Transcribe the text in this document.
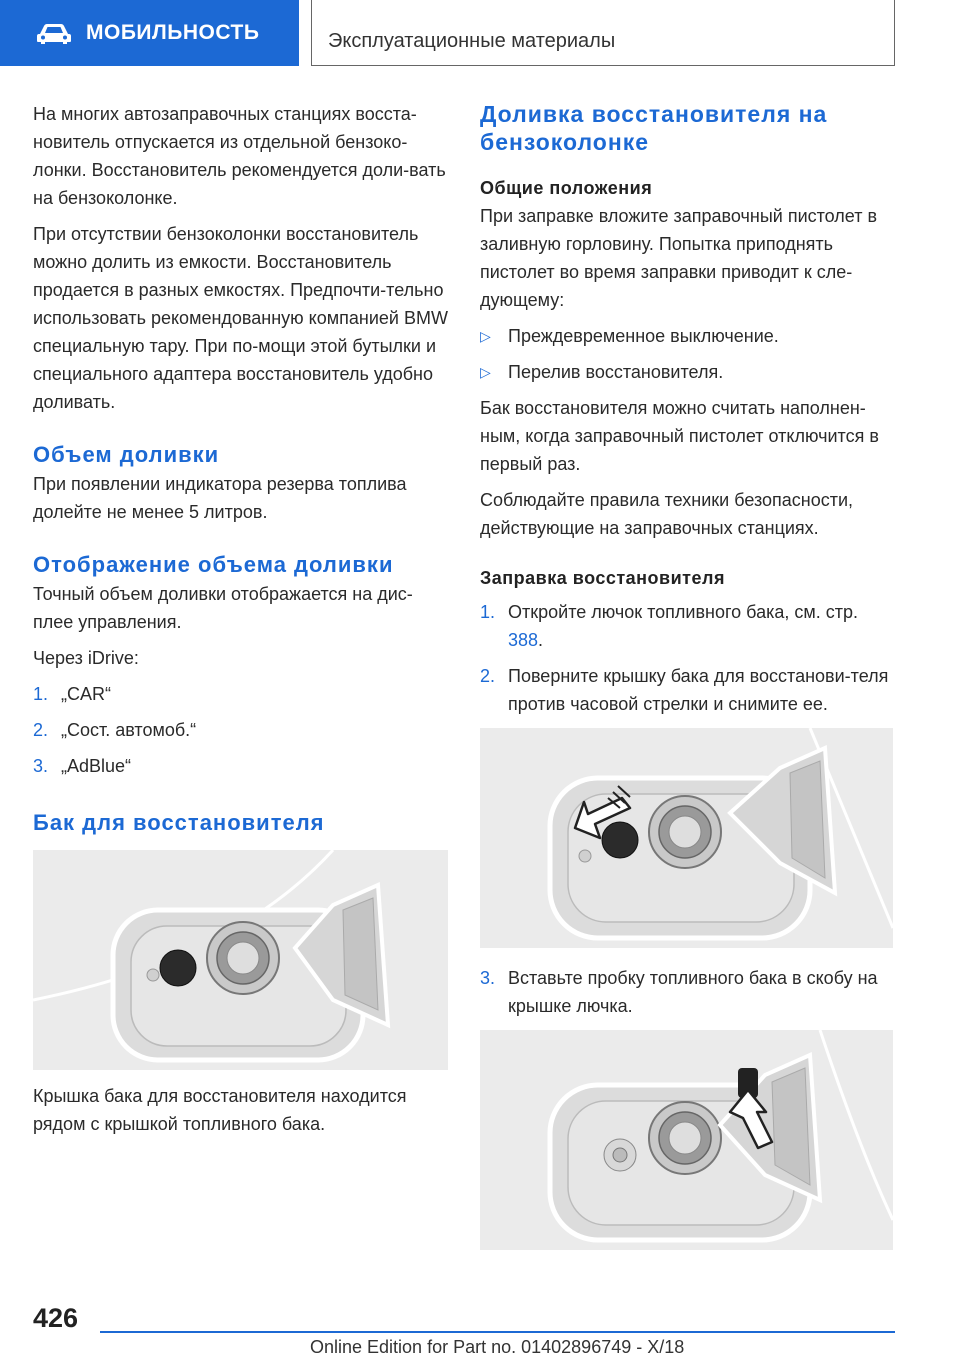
МОБИЛЬНОСТЬ	Эксплуатационные материалы

На многих автозаправочных станциях восста-новитель отпускается из отдельной бензоко-лонки. Восстановитель рекомендуется доли-вать на бензоколонке.

При отсутствии бензоколонки восстановитель можно долить из емкости. Восстановитель продается в разных емкостях. Предпочти-тельно использовать рекомендованную компанией BMW специальную тару. При по-мощи этой бутылки и специального адаптера восстановитель удобно доливать.

Объем доливки

При появлении индикатора резерва топлива долейте не менее 5 литров.

Отображение объема доливки

Точный объем доливки отображается на дис-плее управления.

Через iDrive:

1. „CAR“
2. „Сост. автомоб.“
3. „AdBlue“
Бак для восстановителя

Крышка бака для восстановителя находится рядом с крышкой топливного бака.

Доливка восстановителя на бензоколонке
Общие положения

При заправке вложите заправочный пистолет в заливную горловину. Попытка приподнять пистолет во время заправки приводит к сле-дующему:

▷ Преждевременное выключение.
▷ Перелив восстановителя.

Бак восстановителя можно считать наполнен-ным, когда заправочный пистолет отключится в первый раз.

Соблюдайте правила техники безопасности, действующие на заправочных станциях.

Заправка восстановителя
1. Откройте лючок топливного бака, см. стр. 388.
2. Поверните крышку бака для восстанови-теля против часовой стрелки и снимите ее.
3. Вставьте пробку топливного бака в скобу на крышке лючка.
426
Online Edition for Part no. 01402896749 - X/18
